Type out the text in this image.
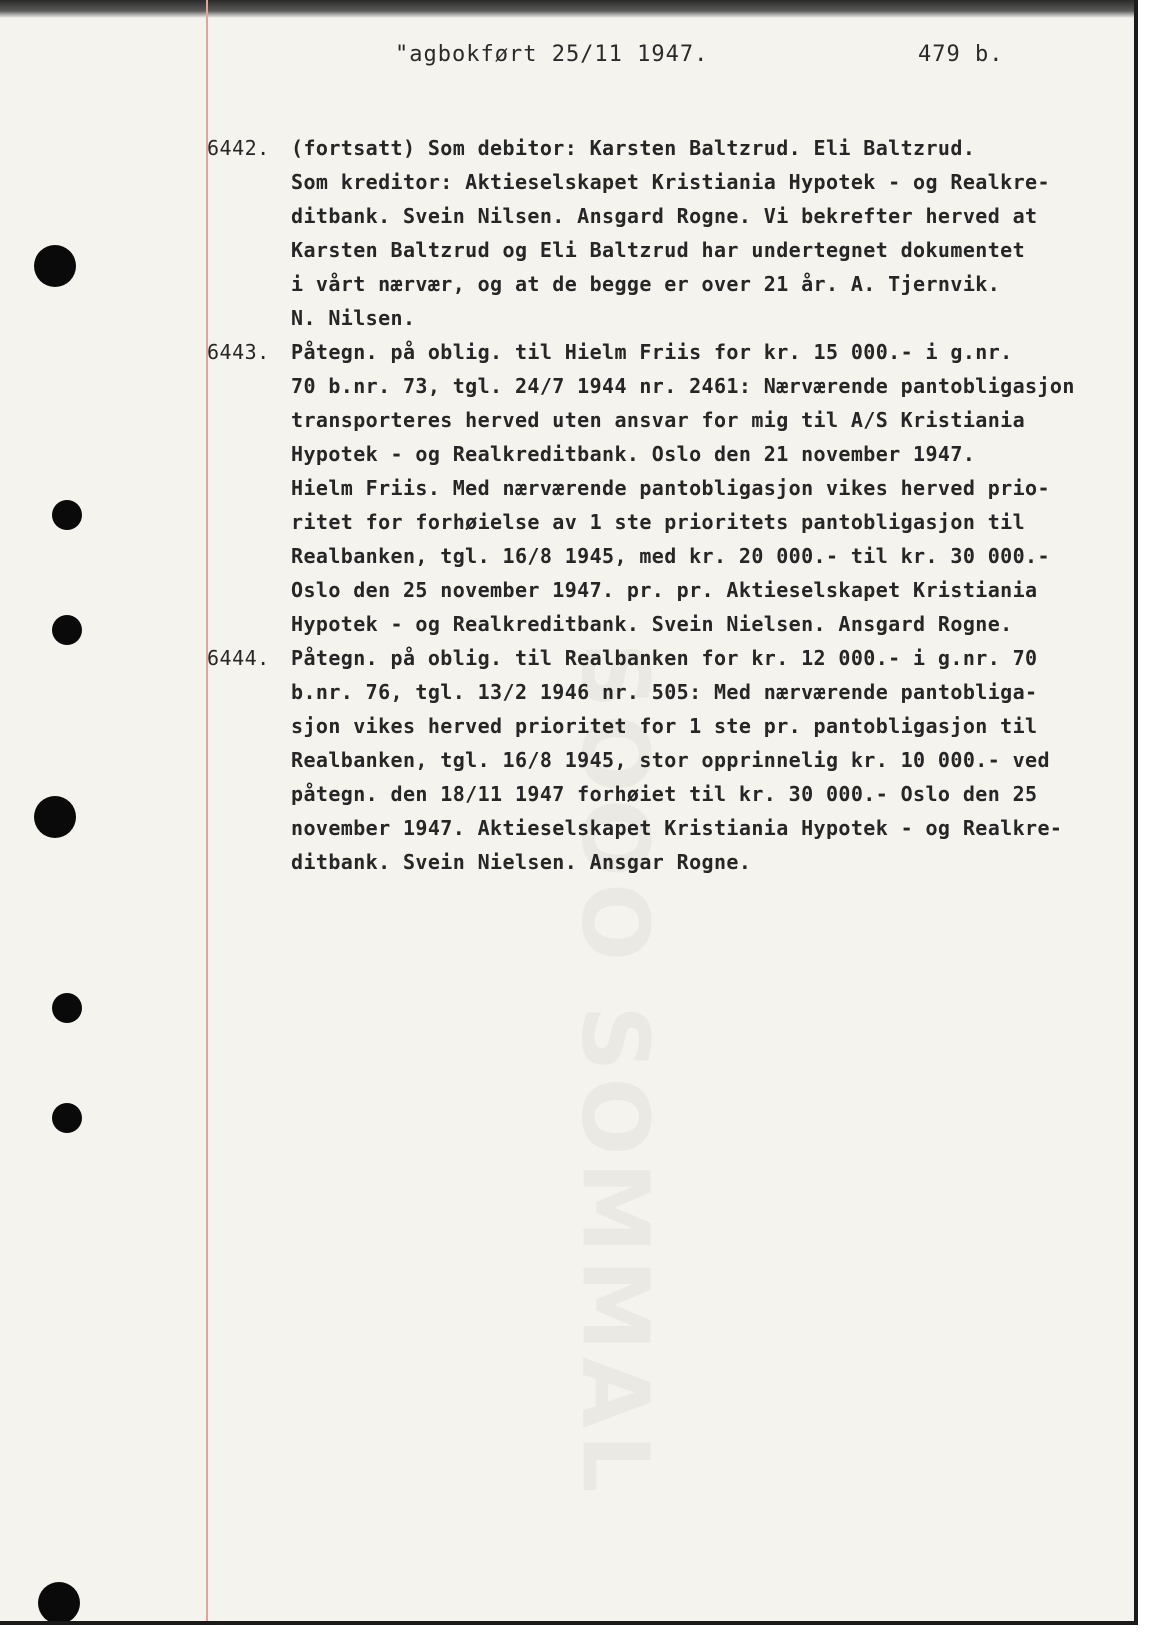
SOOO SOMMAL
"agbokført 25/11 1947.	479 b.
6442. (fortsatt) Som debitor: Karsten Baltzrud. Eli Baltzrud.
Som kreditor: Aktieselskapet Kristiania Hypotek - og Realkre-
ditbank. Svein Nilsen. Ansgard Rogne. Vi bekrefter herved at
Karsten Baltzrud og Eli Baltzrud har undertegnet dokumentet
i vårt nærvær, og at de begge er over 21 år. A. Tjernvik.
N. Nilsen.
6443. Påtegn. på oblig. til Hielm Friis for kr. 15 000.- i g.nr.
70 b.nr. 73, tgl. 24/7 1944 nr. 2461: Nærværende pantobligasjon
transporteres herved uten ansvar for mig til A/S Kristiania
Hypotek - og Realkreditbank. Oslo den 21 november 1947.
Hielm Friis. Med nærværende pantobligasjon vikes herved prio-
ritet for forhøielse av 1 ste prioritets pantobligasjon til
Realbanken, tgl. 16/8 1945, med kr. 20 000.- til kr. 30 000.-
Oslo den 25 november 1947. pr. pr. Aktieselskapet Kristiania
Hypotek - og Realkreditbank. Svein Nielsen. Ansgard Rogne.
6444. Påtegn. på oblig. til Realbanken for kr. 12 000.- i g.nr. 70
b.nr. 76, tgl. 13/2 1946 nr. 505: Med nærværende pantobliga-
sjon vikes herved prioritet for 1 ste pr. pantobligasjon til
Realbanken, tgl. 16/8 1945, stor opprinnelig kr. 10 000.- ved
påtegn. den 18/11 1947 forhøiet til kr. 30 000.- Oslo den 25
november 1947. Aktieselskapet Kristiania Hypotek - og Realkre-
ditbank. Svein Nielsen. Ansgar Rogne.
